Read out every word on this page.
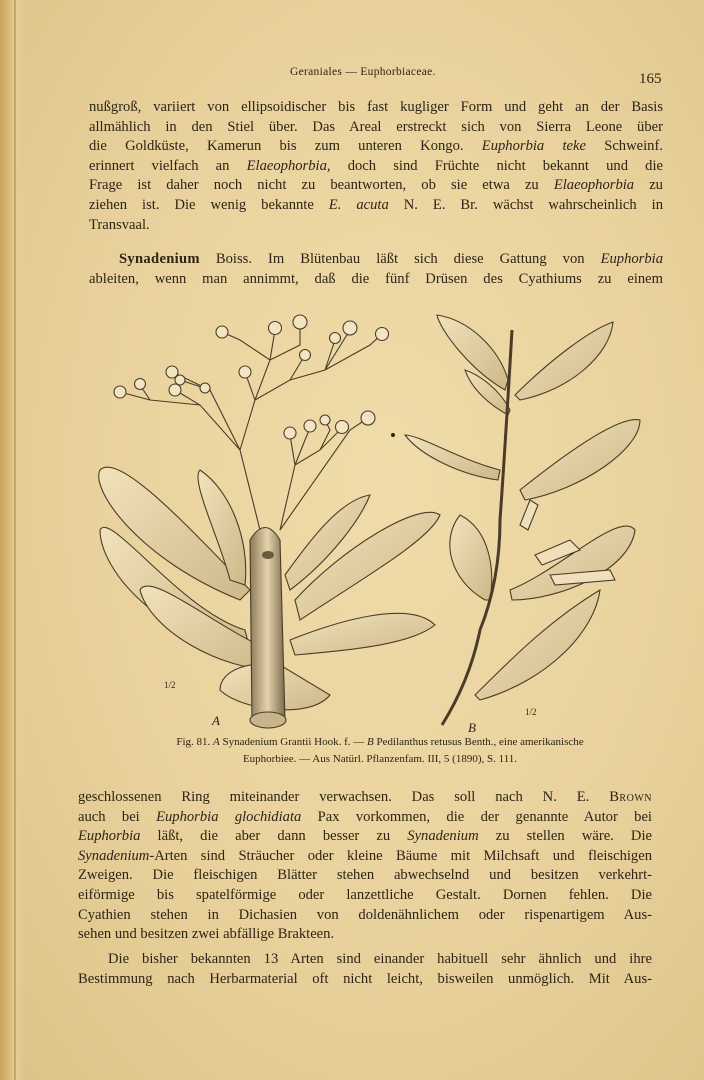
Geraniales — Euphorbiaceae.	165
nußgroß, variiert von ellipsoidischer bis fast kugliger Form und geht an der Basis
allmählich in den Stiel über. Das Areal erstreckt sich von Sierra Leone über
die Goldküste, Kamerun bis zum unteren Kongo. Euphorbia teke Schweinf.
erinnert vielfach an Elaeophorbia, doch sind Früchte nicht bekannt und die
Frage ist daher noch nicht zu beantworten, ob sie etwa zu Elaeophorbia zu
ziehen ist. Die wenig bekannte E. acuta N. E. Br. wächst wahrscheinlich in
Transvaal.
Synadenium Boiss. Im Blütenbau läßt sich diese Gattung von Euphorbia
ableiten, wenn man annimmt, daß die fünf Drüsen des Cyathiums zu einem
A	B
1/2
1/2
Fig. 81. A Synadenium Grantii Hook. f. — B Pedilanthus retusus Benth., eine amerikanische
Euphorbiee. — Aus Natürl. Pflanzenfam. III, 5 (1890), S. 111.
geschlossenen Ring miteinander verwachsen. Das soll nach N. E. Brown
auch bei Euphorbia glochidiata Pax vorkommen, die der genannte Autor bei
Euphorbia läßt, die aber dann besser zu Synadenium zu stellen wäre. Die
Synadenium-Arten sind Sträucher oder kleine Bäume mit Milchsaft und fleischigen
Zweigen. Die fleischigen Blätter stehen abwechselnd und besitzen verkehrt-
eiförmige bis spatelförmige oder lanzettliche Gestalt. Dornen fehlen. Die
Cyathien stehen in Dichasien von doldenähnlichem oder rispenartigem Aus-
sehen und besitzen zwei abfällige Brakteen.
Die bisher bekannten 13 Arten sind einander habituell sehr ähnlich und ihre
Bestimmung nach Herbarmaterial oft nicht leicht, bisweilen unmöglich. Mit Aus-
